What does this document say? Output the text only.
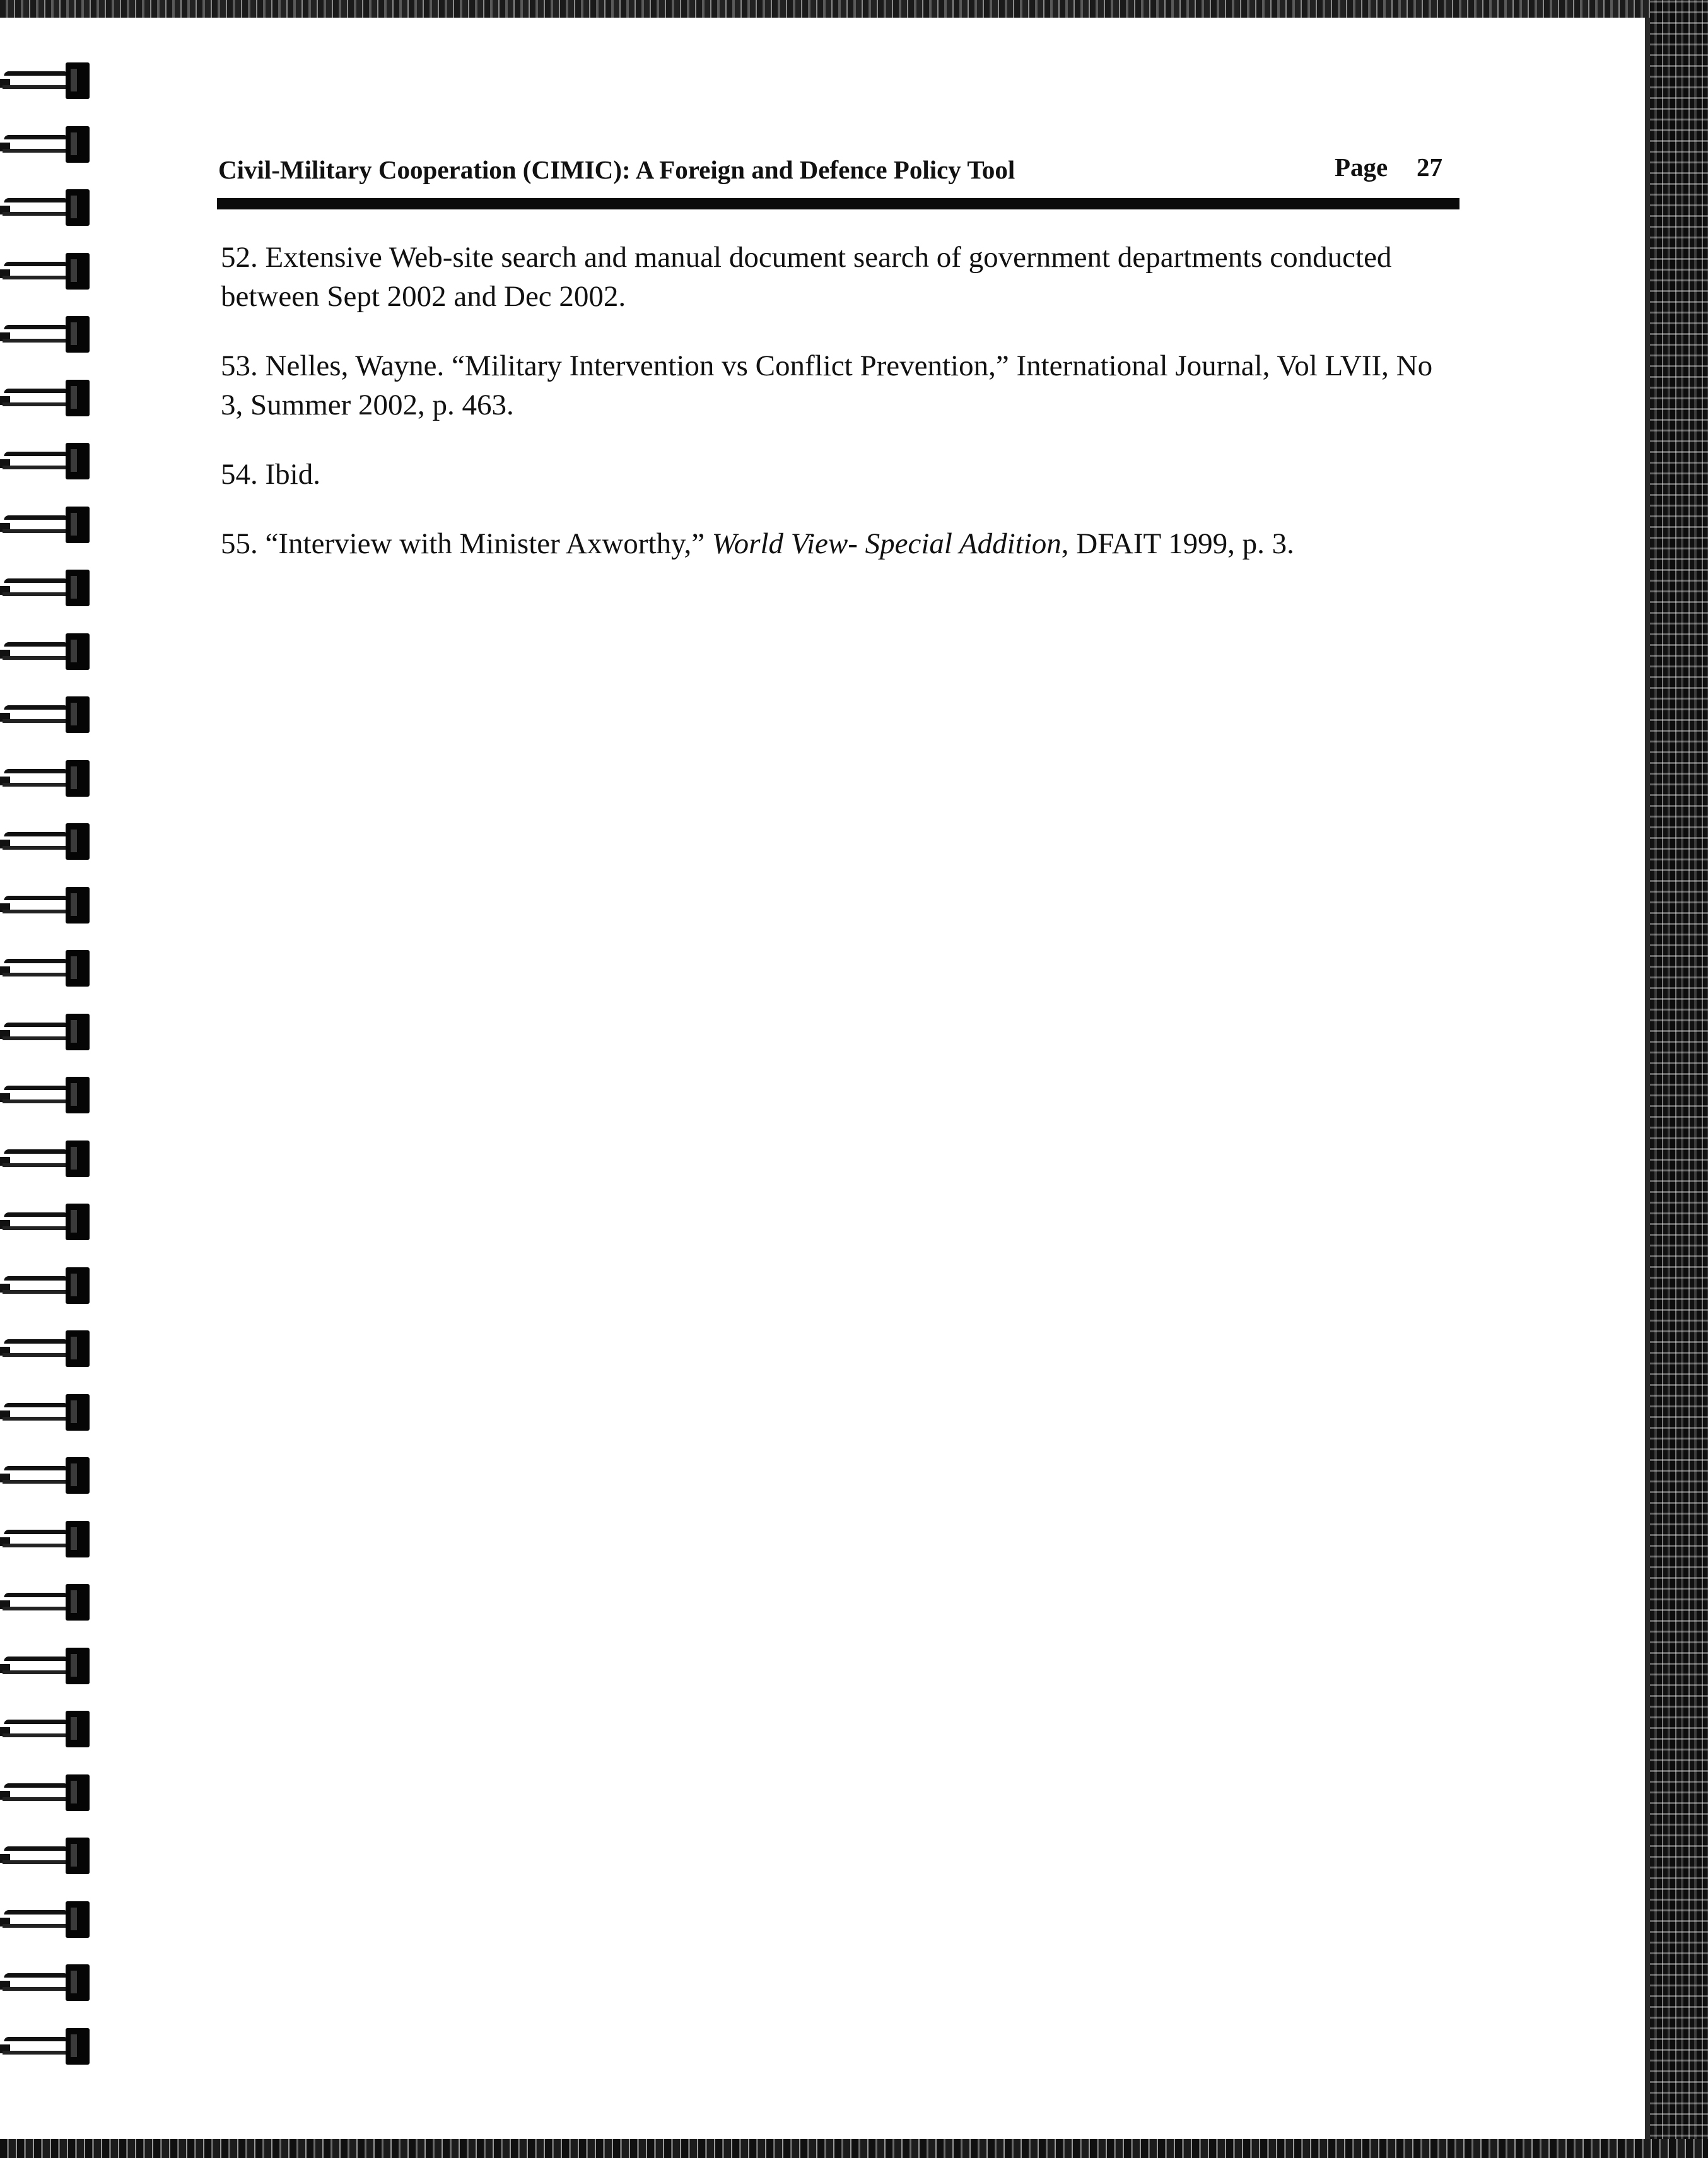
Civil-Military Cooperation (CIMIC): A Foreign and Defence Policy Tool	Page 27

52. Extensive Web-site search and manual document search of government departments conducted between Sept 2002 and Dec 2002.

53. Nelles, Wayne. “Military Intervention vs Conflict Prevention,” International Journal, Vol LVII, No 3, Summer 2002, p. 463.

54. Ibid.

55. “Interview with Minister Axworthy,” World View- Special Addition, DFAIT 1999, p. 3.
